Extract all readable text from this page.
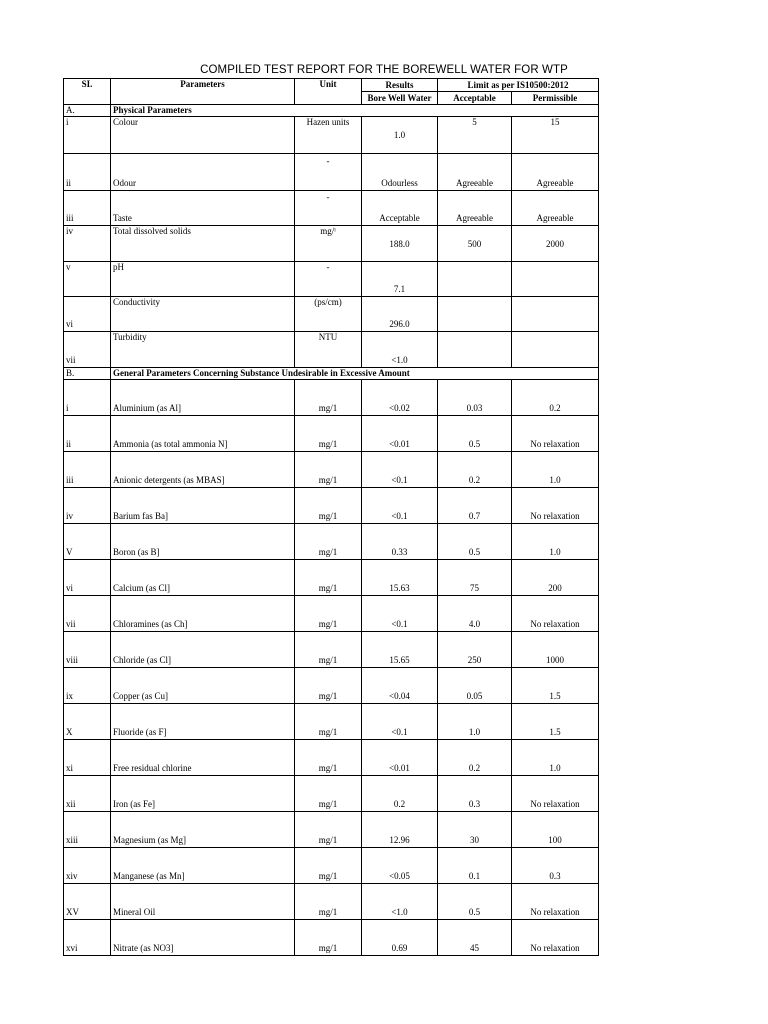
COMPILED TEST REPORT FOR THE BOREWELL WATER FOR WTP
SI.	Parameters	Unit	Results	Limit as per IS10500:2012	
			Bore Well Water	Acceptable	Permissible
A.	Physical Parameters				
i	Colour	Hazen units	1.0	5	15
ii	Odour	-	Odourless	Agreeable	Agreeable
iii	Taste	-	Acceptable	Agreeable	Agreeable
iv	Total dissolved solids	mg/ˡ	188.0	500	2000
v	pH	-	7.1		
vi	Conductivity	(ps/cm)	296.0		
vii	Turbidity	NTU	<1.0		
B.	General Parameters Concerning Substance Undesirable in Excessive Amount				
i	Aluminium (as Al]	mg/1	<0.02	0.03	0.2
ii	Ammonia (as total ammonia N]	mg/1	<0.01	0.5	No relaxation
iii	Anionic detergents (as MBAS]	mg/1	<0.1	0.2	1.0
iv	Barium fas Ba]	mg/1	<0.1	0.7	No relaxation
V	Boron (as B]	mg/1	0.33	0.5	1.0
vi	Calcium (as Cl]	mg/1	15.63	75	200
vii	Chloramines (as Ch]	mg/1	<0.1	4.0	No relaxation
viii	Chloride (as Cl]	mg/1	15.65	250	1000
ix	Copper (as Cu]	mg/1	<0.04	0.05	1.5
X	Fluoride (as F]	mg/1	<0.1	1.0	1.5
xi	Free residual chlorine	mg/1	<0.01	0.2	1.0
xii	Iron (as Fe]	mg/1	0.2	0.3	No relaxation
xiii	Magnesium (as Mg]	mg/1	12.96	30	100
xiv	Manganese (as Mn]	mg/1	<0.05	0.1	0.3
XV	Mineral Oil	mg/1	<1.0	0.5	No relaxation
xvi	Nitrate (as NO3]	mg/1	0.69	45	No relaxation
